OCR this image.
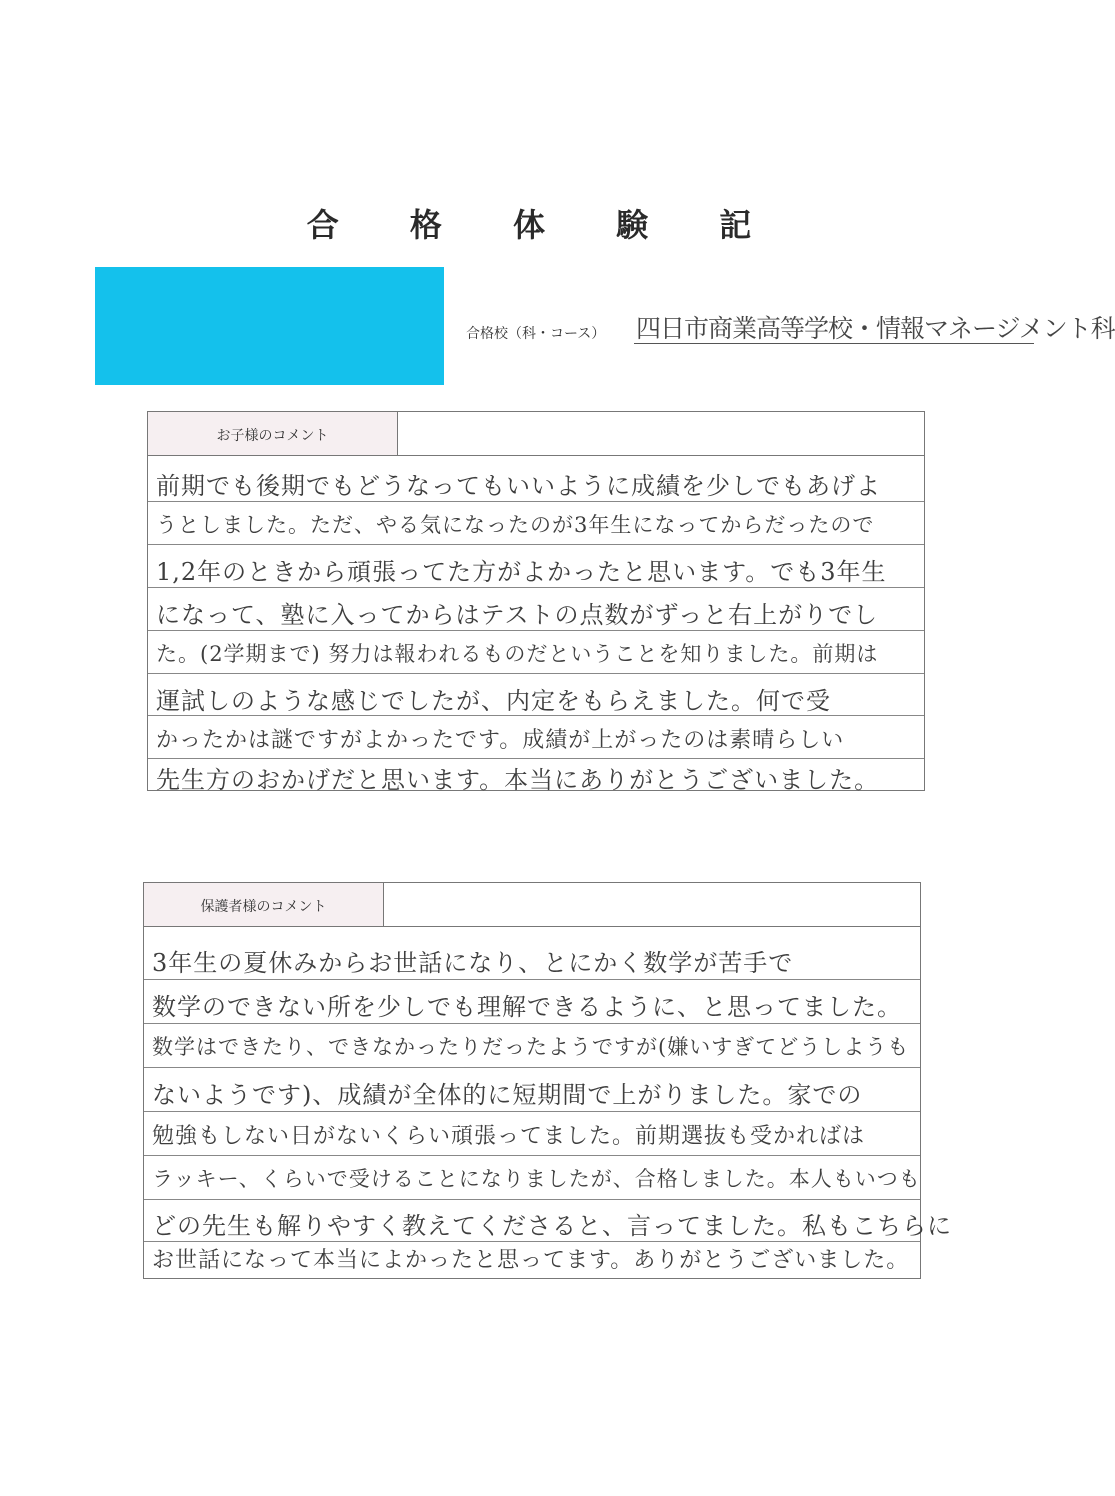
合 格 体 験 記
合格校（科・コース） 四日市商業高等学校・情報マネージメント科
お子様のコメント
前期でも後期でもどうなってもいいように成績を少しでもあげよ
うとしました。ただ、やる気になったのが3年生になってからだったので
1,2年のときから頑張ってた方がよかったと思います。でも3年生
になって、塾に入ってからはテストの点数がずっと右上がりでし
た。(2学期まで) 努力は報われるものだということを知りました。前期は
運試しのような感じでしたが、内定をもらえました。何で受
かったかは謎ですがよかったです。成績が上がったのは素晴らしい
先生方のおかげだと思います。本当にありがとうございました。
保護者様のコメント
3年生の夏休みからお世話になり、とにかく数学が苦手で
数学のできない所を少しでも理解できるように、と思ってました。
数学はできたり、できなかったりだったようですが(嫌いすぎてどうしようも
ないようです)、成績が全体的に短期間で上がりました。家での
勉強もしない日がないくらい頑張ってました。前期選抜も受かればは
ラッキー、くらいで受けることになりましたが、合格しました。本人もいつも
どの先生も解りやすく教えてくださると、言ってました。私もこちらに
お世話になって本当によかったと思ってます。ありがとうございました。
